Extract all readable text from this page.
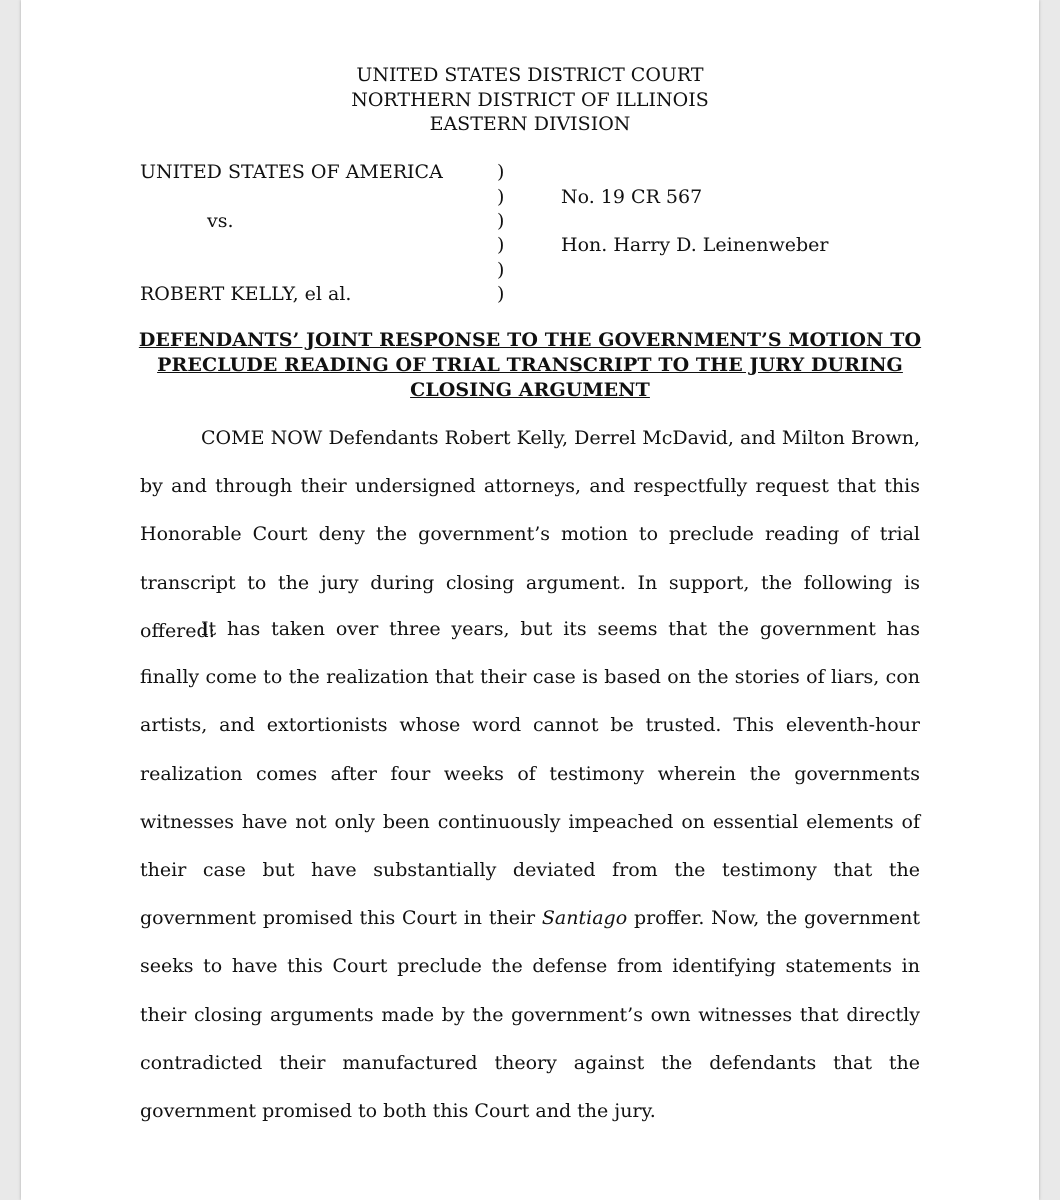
UNITED STATES DISTRICT COURT
NORTHERN DISTRICT OF ILLINOIS
EASTERN DIVISION
UNITED STATES OF AMERICA
vs.
ROBERT KELLY, el al.
No. 19 CR 567
Hon. Harry D. Leinenweber
)
)
)
)
)
)
DEFENDANTS’ JOINT RESPONSE TO THE GOVERNMENT’S MOTION TO
PRECLUDE READING OF TRIAL TRANSCRIPT TO THE JURY DURING
CLOSING ARGUMENT
COME NOW Defendants Robert Kelly, Derrel McDavid, and Milton Brown, by and through their undersigned attorneys, and respectfully request that this Honorable Court deny the government’s motion to preclude reading of trial transcript to the jury during closing argument. In support, the following is offered:
It has taken over three years, but its seems that the government has finally come to the realization that their case is based on the stories of liars, con artists, and extortionists whose word cannot be trusted. This eleventh-hour realization comes after four weeks of testimony wherein the governments witnesses have not only been continuously impeached on essential elements of their case but have substantially deviated from the testimony that the government promised this Court in their Santiago proffer. Now, the government seeks to have this Court preclude the defense from identifying statements in their closing arguments made by the government’s own witnesses that directly contradicted their manufactured theory against the defendants that the government promised to both this Court and the jury.
